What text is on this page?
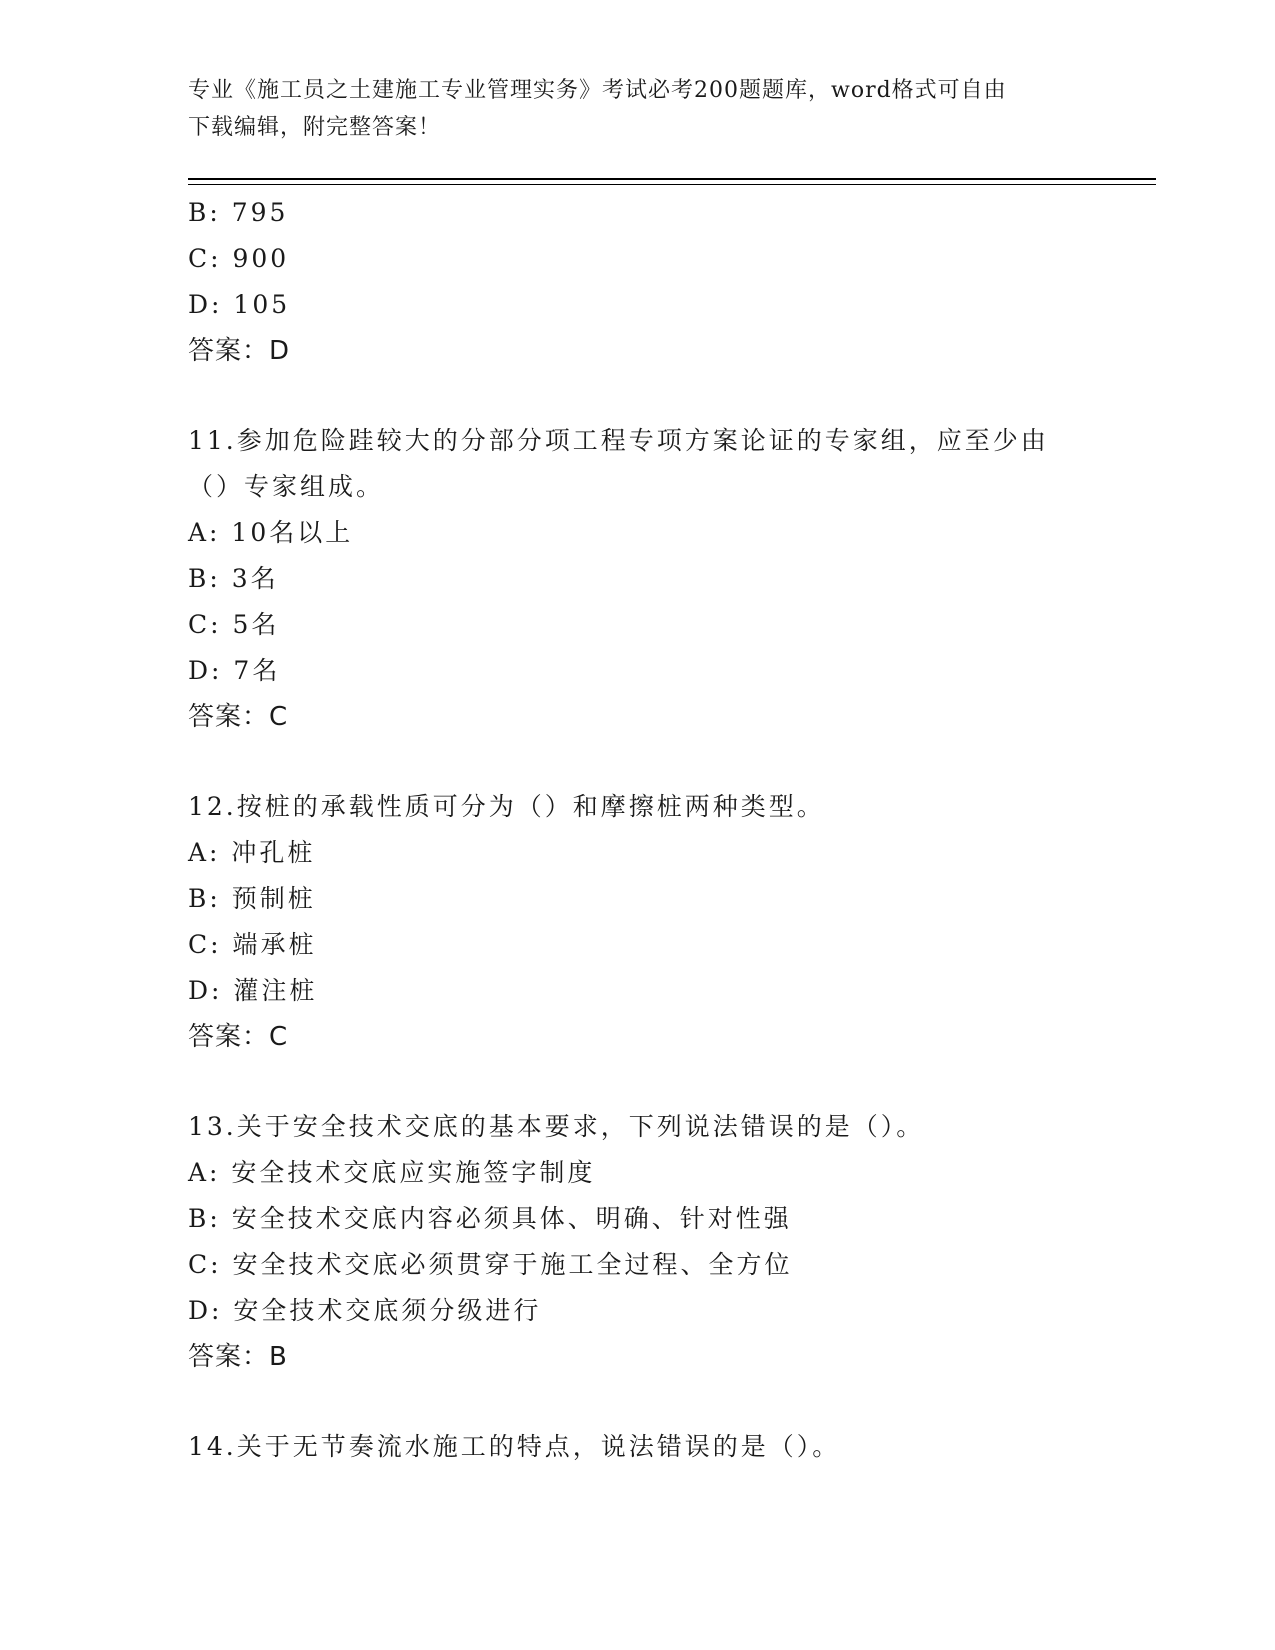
专业《施工员之土建施工专业管理实务》考试必考200题题库，word格式可自由
下载编辑，附完整答案！
B: 795
C: 900
D: 105
答案：D
11.参加危险跬较大的分部分项工程专项方案论证的专家组，应至少由
（）专家组成。
A: 10名以上
B: 3名
C: 5名
D: 7名
答案：C
12.按桩的承载性质可分为（）和摩擦桩两种类型。
A: 冲孔桩
B: 预制桩
C: 端承桩
D: 灌注桩
答案：C
13.关于安全技术交底的基本要求，下列说法错误的是（）。
A: 安全技术交底应实施签字制度
B: 安全技术交底内容必须具体、明确、针对性强
C: 安全技术交底必须贯穿于施工全过程、全方位
D: 安全技术交底须分级进行
答案：B
14.关于无节奏流水施工的特点，说法错误的是（）。
